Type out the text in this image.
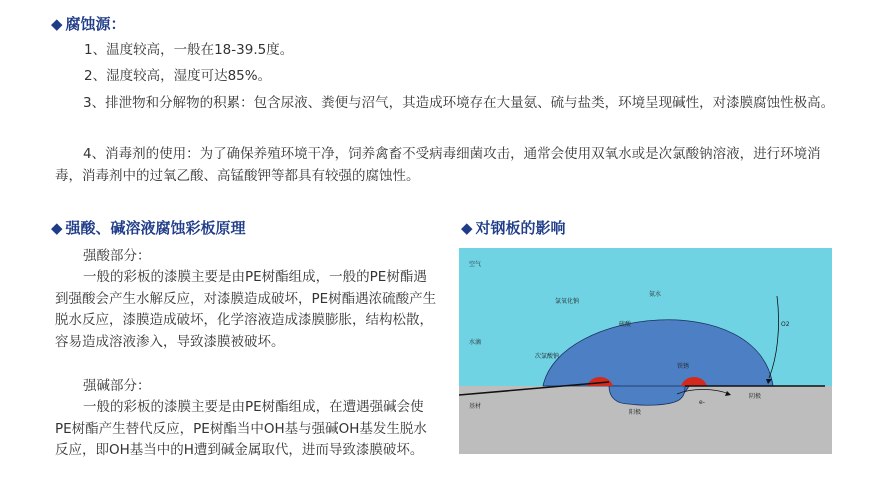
◆ 腐蚀源：

1、温度较高，一般在18-39.5度。

2、湿度较高，湿度可达85%。

3、排泄物和分解物的积累：包含尿液、粪便与沼气，其造成环境存在大量氨、硫与盐类，环境呈现碱性，对漆膜腐蚀性极高。

4、消毒剂的使用：为了确保养殖环境干净，饲养禽畜不受病毒细菌攻击，通常会使用双氧水或是次氯酸钠溶液，进行环境消毒，消毒剂中的过氧乙酸、高锰酸钾等都具有较强的腐蚀性。

◆ 强酸、碱溶液腐蚀彩板原理

强酸部分：

一般的彩板的漆膜主要是由PE树酯组成，一般的PE树酯遇到强酸会产生水解反应，对漆膜造成破坏，PE树酯遇浓硫酸产生脱水反应，漆膜造成破坏，化学溶液造成漆膜膨胀，结构松散，容易造成溶液渗入，导致漆膜被破坏。

强碱部分：

一般的彩板的漆膜主要是由PE树酯组成，在遭遇强碱会使PE树酯产生替代反应，PE树酯当中OH基与强碱OH基发生脱水反应，即OH基当中的H遭到碱金属取代，进而导致漆膜破坏。

◆ 对钢板的影响
空气
氯氧化钠
氨水
硫酸	O2
水滴
次氯酸钠
铁锈
基材
阳极
e-
阴极
